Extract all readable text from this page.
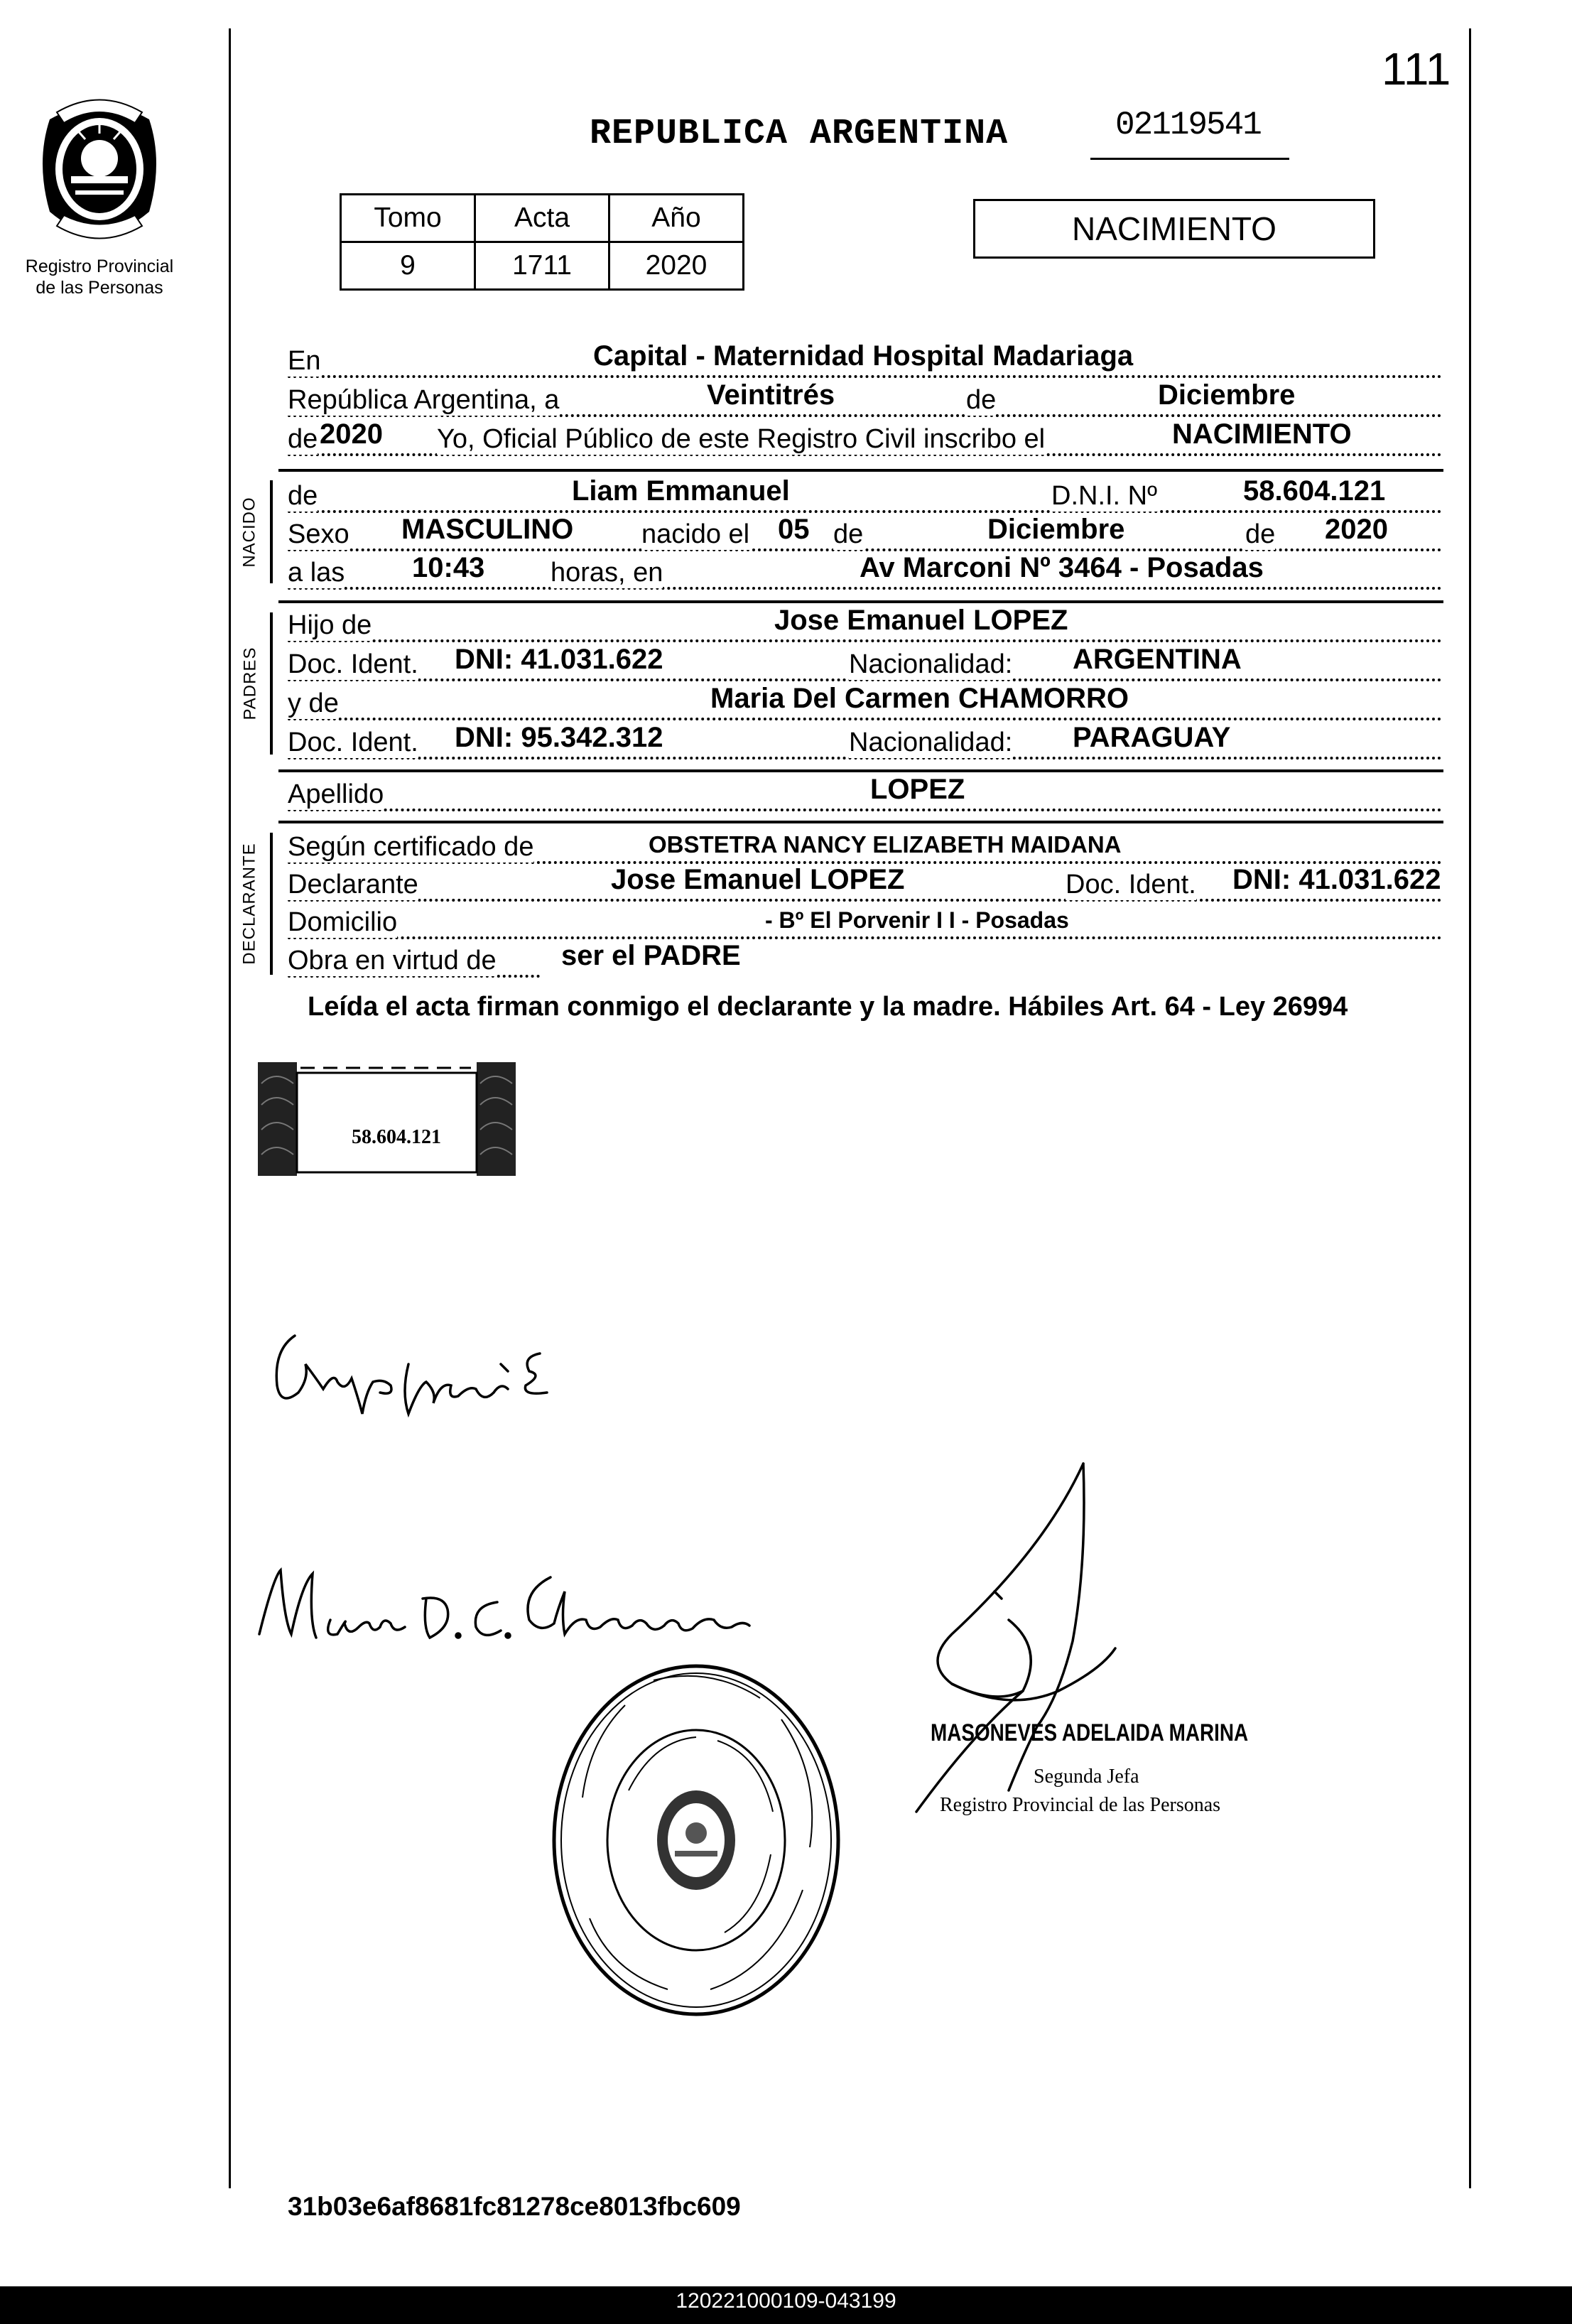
Registro Provincial
de las Personas
111
REPUBLICA ARGENTINA	02119541
Tomo	Acta	Año
9	1711	2020
NACIMIENTO
En	Capital - Maternidad Hospital Madariaga
República Argentina, a	Veintitrés	de	Diciembre
de 2020 Yo, Oficial Público de este Registro Civil inscribo el	NACIMIENTO
NACIDO
de	Liam Emmanuel	D.N.I. Nº	58.604.121
Sexo MASCULINO	nacido el 05 de	Diciembre	de 2020
a las 10:43 horas, en	Av Marconi Nº 3464 - Posadas
PADRES
Hijo de	Jose Emanuel LOPEZ
Doc. Ident. DNI: 41.031.622	Nacionalidad: ARGENTINA
y de	Maria Del Carmen CHAMORRO
Doc. Ident. DNI: 95.342.312	Nacionalidad: PARAGUAY
Apellido	LOPEZ
DECLARANTE Según certificado de	OBSTETRA NANCY ELIZABETH MAIDANA
Declarante	Jose Emanuel LOPEZ	Doc. Ident. DNI: 41.031.622
Domicilio	- Bº El Porvenir I I - Posadas
Obra en virtud de ser el PADRE
Leída el acta firman conmigo el declarante y la madre. Hábiles Art. 64 - Ley 26994
58.604.121
MASONEVES ADELAIDA MARINA
Segunda Jefa
Registro Provincial de las Personas
31b03e6af8681fc81278ce8013fbc609
120221000109-043199
